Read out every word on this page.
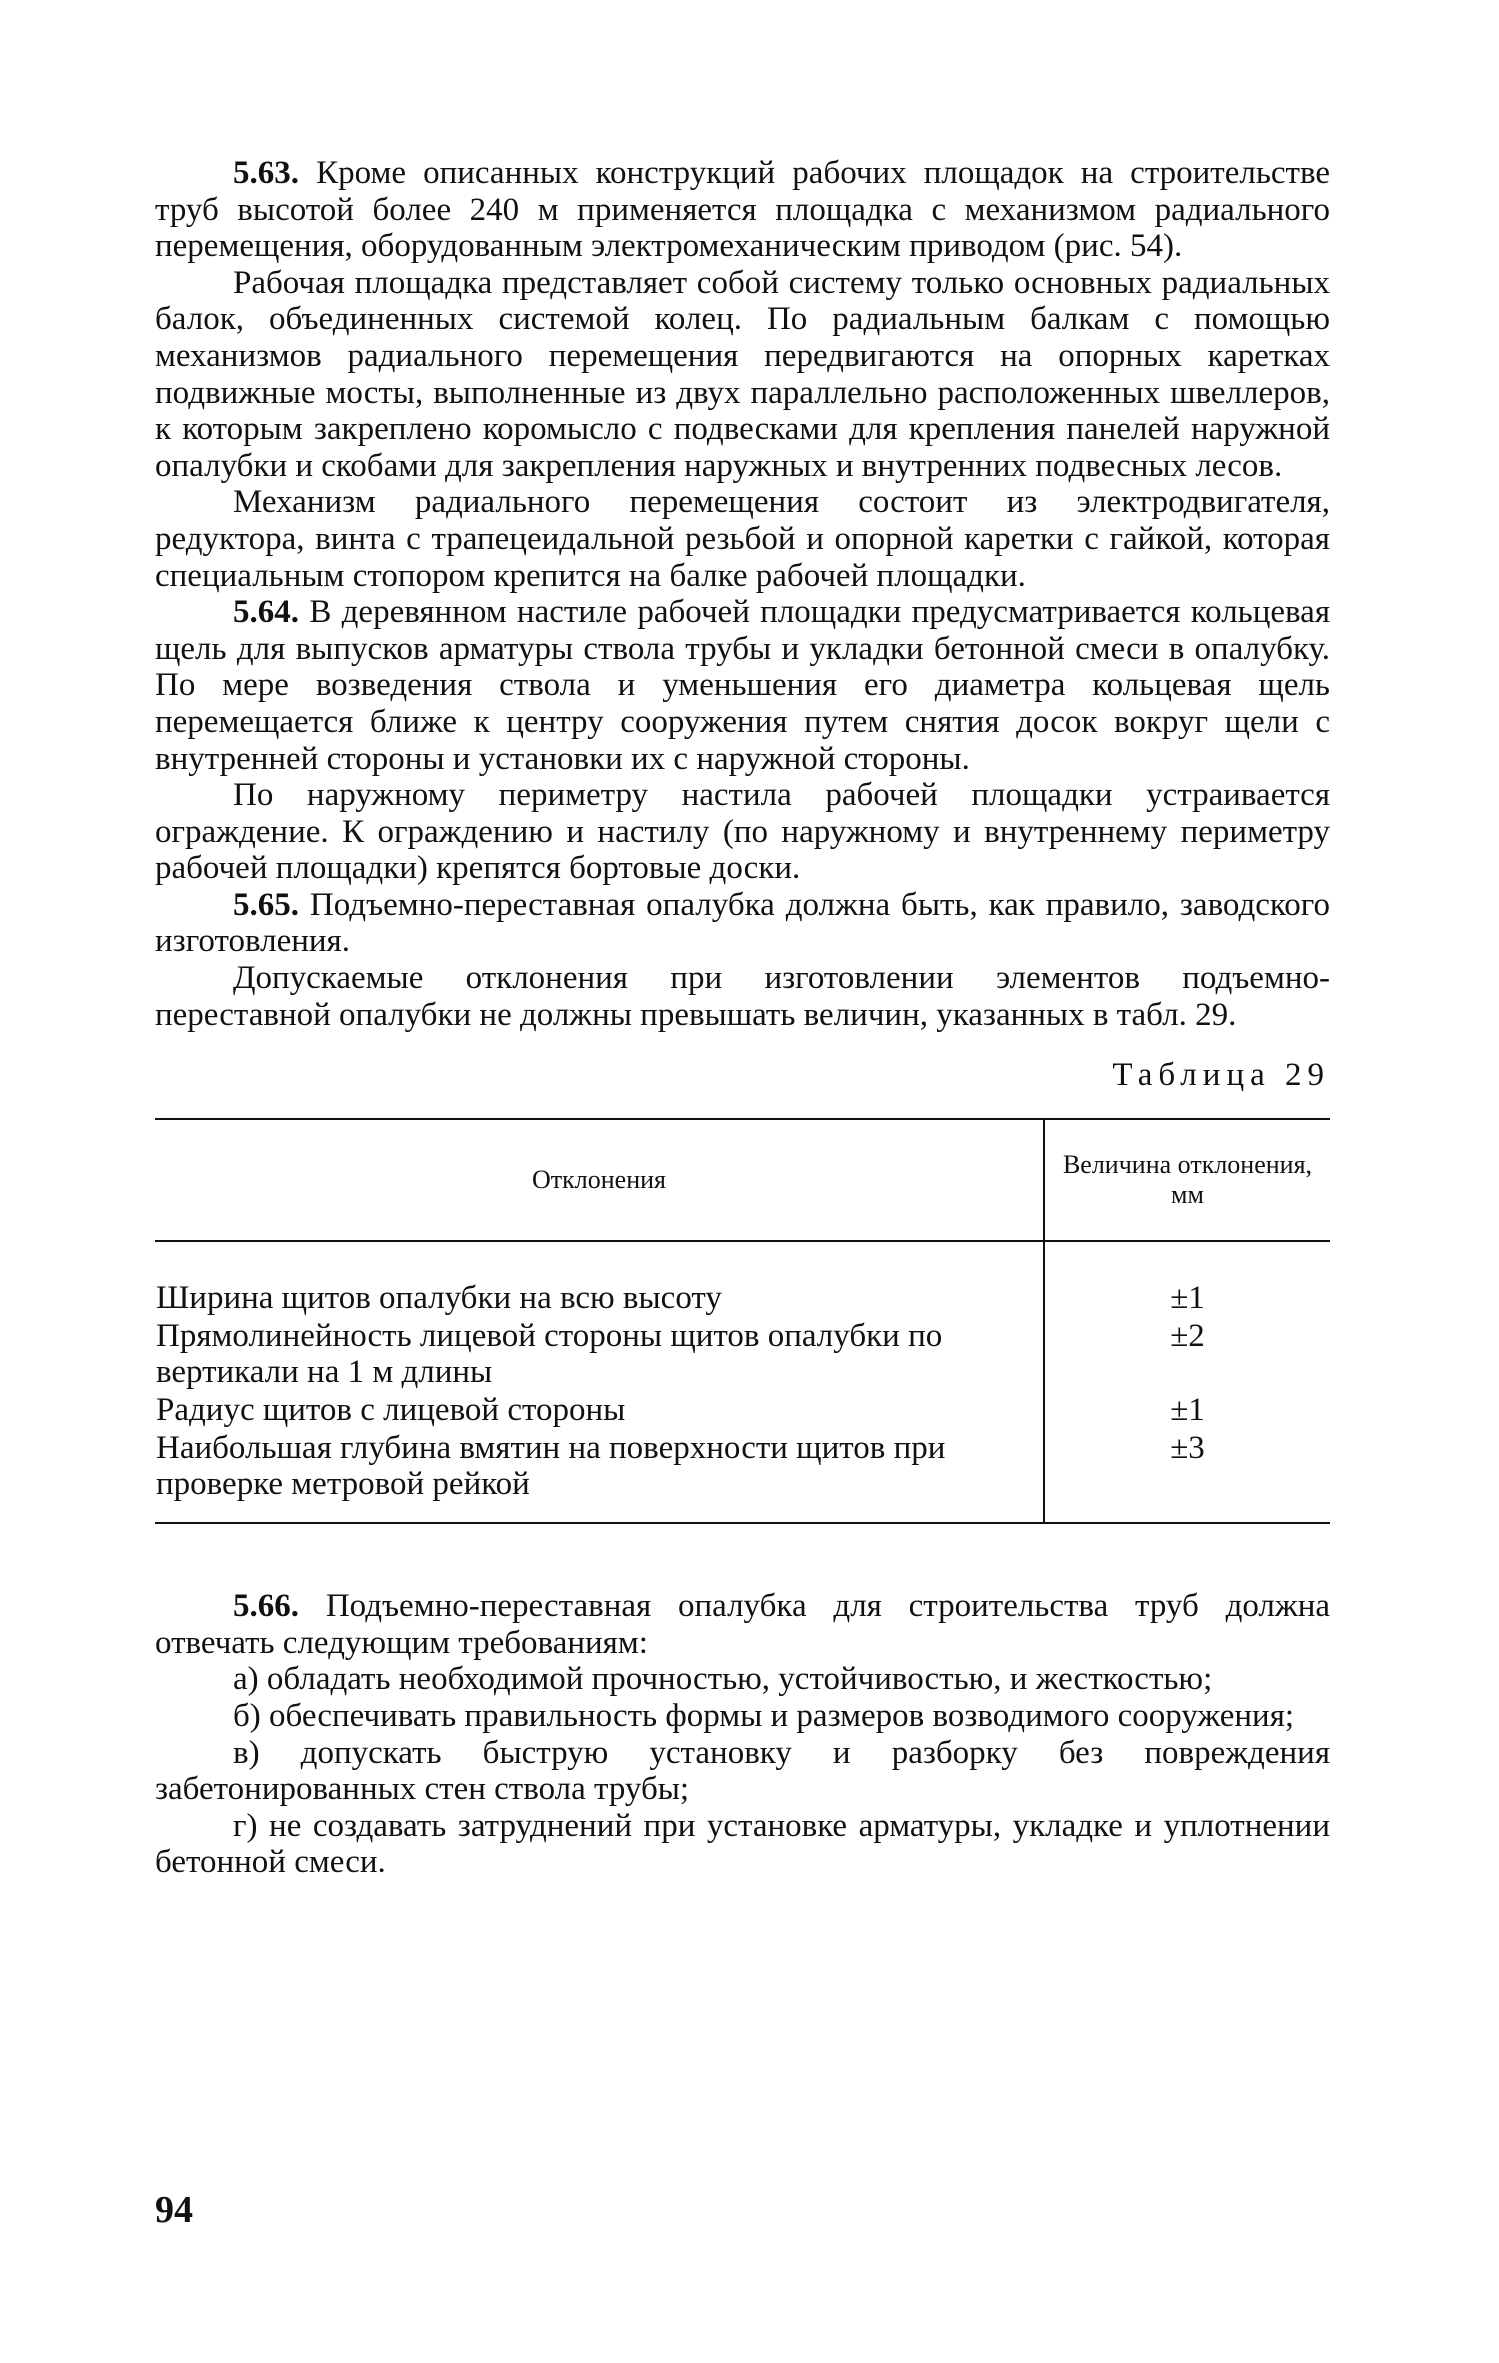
5.63. Кроме описанных конструкций рабочих площадок на строительстве труб высотой более 240 м применяется площадка с механизмом радиального перемещения, оборудованным электромеханическим приводом (рис. 54).

Рабочая площадка представляет собой систему только основных радиальных балок, объединенных системой колец. По радиальным балкам с помощью механизмов радиального перемещения передвигаются на опорных каретках подвижные мосты, выполненные из двух параллельно расположенных швеллеров, к которым закреплено коромысло с подвесками для крепления панелей наружной опалубки и скобами для закрепления наружных и внутренних подвесных лесов.

Механизм радиального перемещения состоит из электродвигателя, редуктора, винта с трапецеидальной резьбой и опорной каретки с гайкой, которая специальным стопором крепится на балке рабочей площадки.

5.64. В деревянном настиле рабочей площадки предусматривается кольцевая щель для выпусков арматуры ствола трубы и укладки бетонной смеси в опалубку. По мере возведения ствола и уменьшения его диаметра кольцевая щель перемещается ближе к центру сооружения путем снятия досок вокруг щели с внутренней стороны и установки их с наружной стороны.

По наружному периметру настила рабочей площадки устраивается ограждение. К ограждению и настилу (по наружному и внутреннему периметру рабочей площадки) крепятся бортовые доски.

5.65. Подъемно-переставная опалубка должна быть, как правило, заводского изготовления.

Допускаемые отклонения при изготовлении элементов подъемно-переставной опалубки не должны превышать величин, указанных в табл. 29.

Таблица 29
Отклонения	Величина отклонения, мм
Ширина щитов опалубки на всю высоту	±1
Прямолинейность лицевой стороны щитов опалубки по вертикали на 1 м длины	±2
Радиус щитов с лицевой стороны	±1
Наибольшая глубина вмятин на поверхности щитов при проверке метровой рейкой	±3

5.66. Подъемно-переставная опалубка для строительства труб должна отвечать следующим требованиям:

а) обладать необходимой прочностью, устойчивостью, и жесткостью;

б) обеспечивать правильность формы и размеров возводимого сооружения;

в) допускать быструю установку и разборку без повреждения забетонированных стен ствола трубы;

г) не создавать затруднений при установке арматуры, укладке и уплотнении бетонной смеси.

94
